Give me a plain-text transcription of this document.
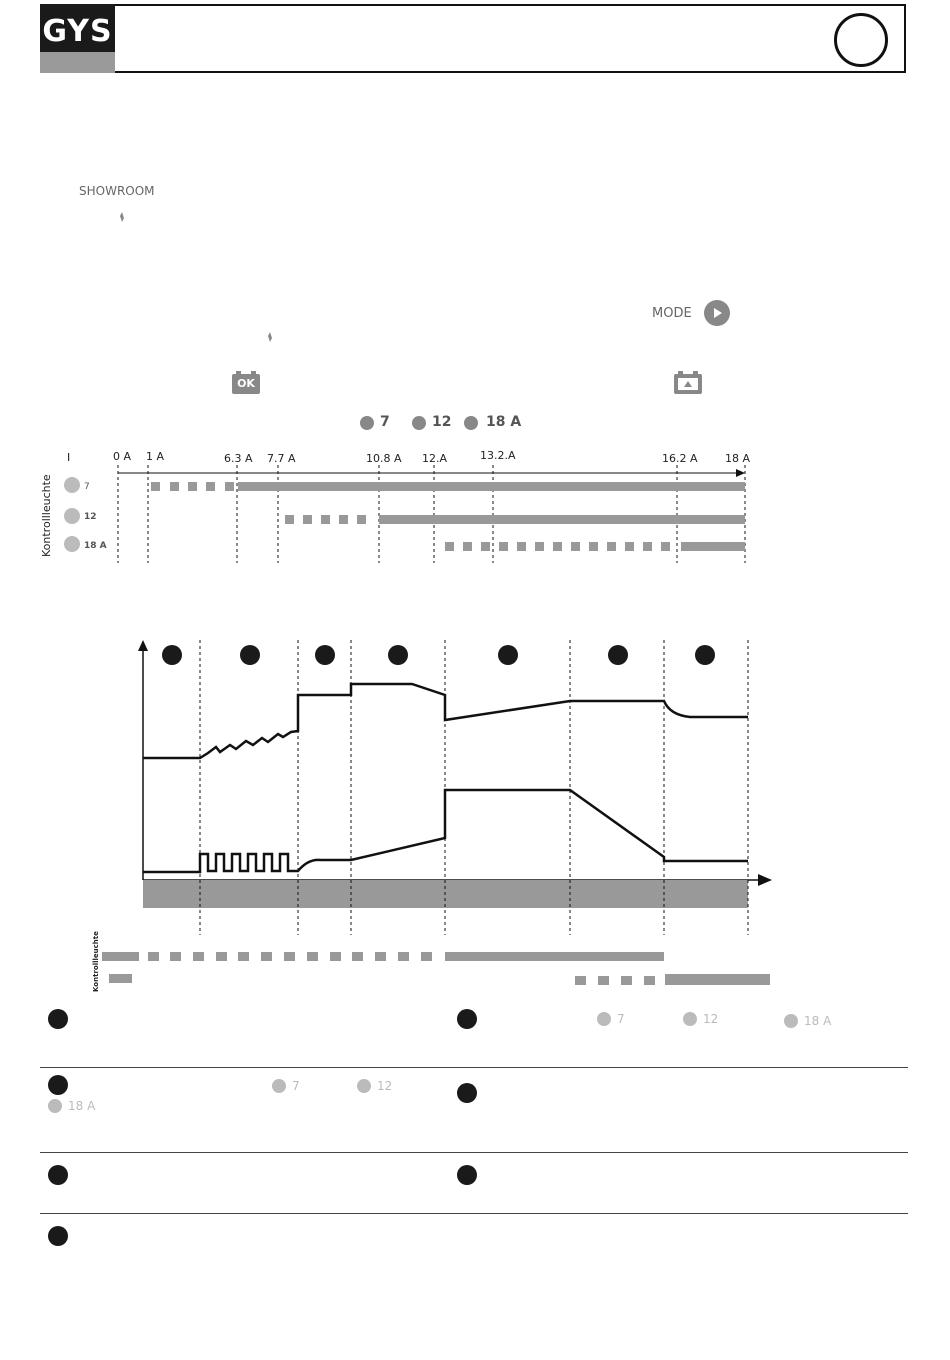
GYS
SHOWROOM
MODE
OK
7	12 18 A
I	0 A 1 A	6.3 A 7.7 A	10.8 A 12.A	13.2.A	16.2 A 18 A
Kontrollleuchte	7
12
18 A
Kontrollleuchte
7	12	18 A
7	12
18 A
